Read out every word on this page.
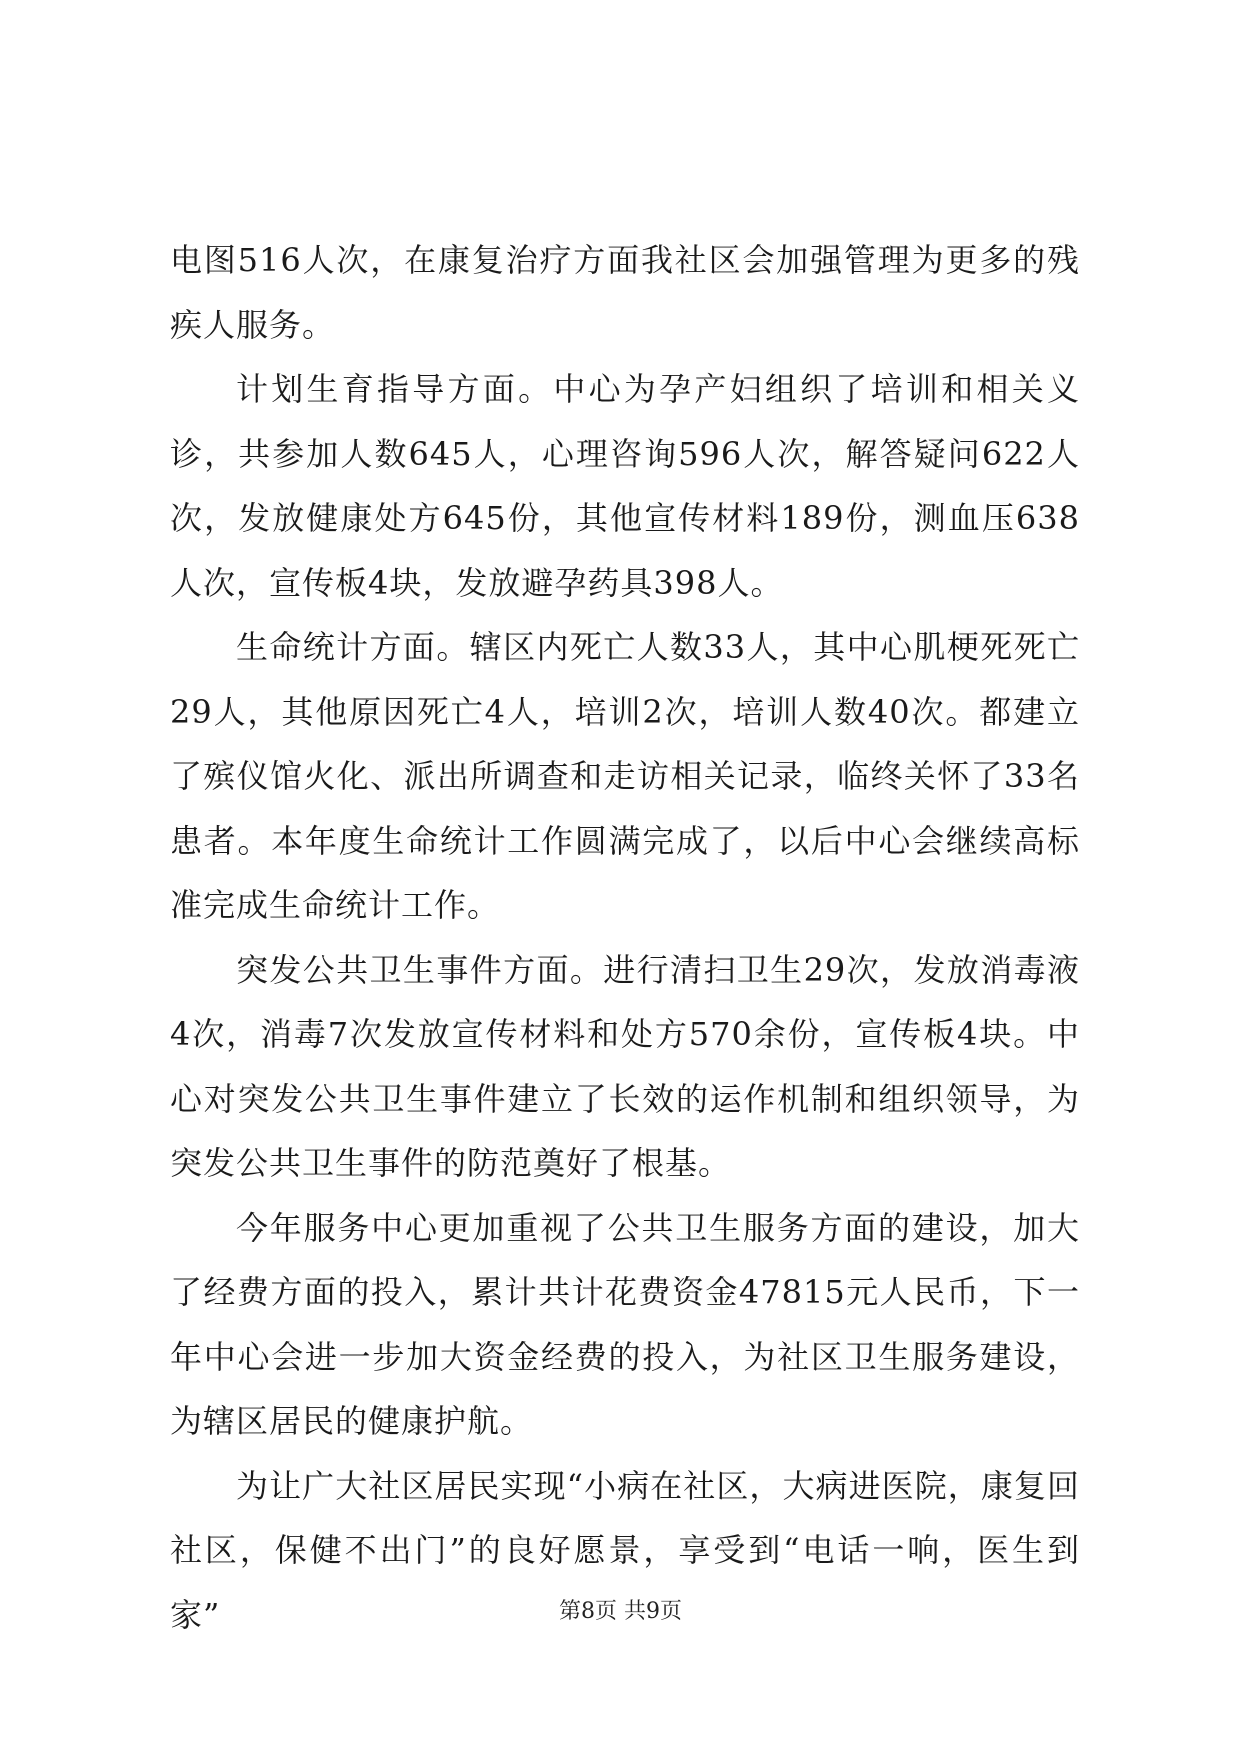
电图516人次，在康复治疗方面我社区会加强管理为更多的残疾人服务。

计划生育指导方面。中心为孕产妇组织了培训和相关义诊，共参加人数645人，心理咨询596人次，解答疑问622人次，发放健康处方645份，其他宣传材料189份，测血压638人次，宣传板4块，发放避孕药具398人。

生命统计方面。辖区内死亡人数33人，其中心肌梗死死亡29人，其他原因死亡4人，培训2次，培训人数40次。都建立了殡仪馆火化、派出所调查和走访相关记录，临终关怀了33名患者。本年度生命统计工作圆满完成了，以后中心会继续高标准完成生命统计工作。

突发公共卫生事件方面。进行清扫卫生29次，发放消毒液4次，消毒7次发放宣传材料和处方570余份，宣传板4块。中心对突发公共卫生事件建立了长效的运作机制和组织领导，为突发公共卫生事件的防范奠好了根基。

今年服务中心更加重视了公共卫生服务方面的建设，加大了经费方面的投入，累计共计花费资金47815元人民币，下一年中心会进一步加大资金经费的投入，为社区卫生服务建设，为辖区居民的健康护航。

为让广大社区居民实现“小病在社区，大病进医院，康复回社区，保健不出门”的良好愿景，享受到“电话一响，医生到家”	第8页 共9页
